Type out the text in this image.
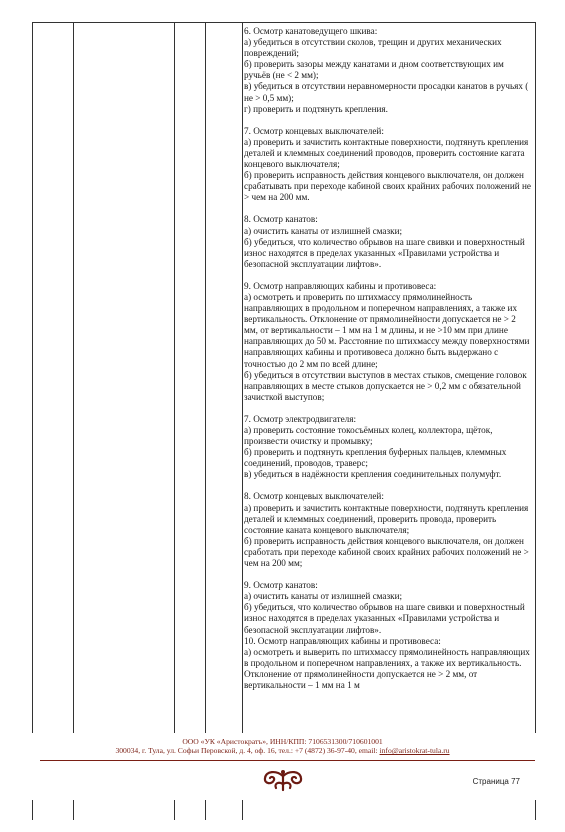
6. Осмотр канатоведущего шкива:
а) убедиться в отсутствии сколов, трещин и других механических повреждений;
б) проверить зазоры между канатами и дном соответствующих им ручьёв (не < 2 мм);
в) убедиться в отсутствии неравномерности просадки канатов в ручьях ( не > 0,5 мм);
г) проверить и подтянуть крепления.
7. Осмотр концевых выключателей:
а) проверить и зачистить контактные поверхности, подтянуть крепления деталей и клеммных соединений проводов, проверить состояние кагата концевого выключателя;
б) проверить исправность действия концевого выключателя, он должен срабатывать при переходе кабиной своих крайних рабочих положений не > чем на 200 мм.
8. Осмотр канатов:
а) очистить канаты от излишней смазки;
б) убедиться, что количество обрывов на шаге свивки и поверхностный износ находятся в пределах указанных «Правилами устройства и безопасной эксплуатации лифтов».
9. Осмотр направляющих кабины и противовеса:
а) осмотреть и проверить по штихмассу прямолинейность направляющих в продольном и поперечном направлениях, а также их вертикальность. Отклонение от прямолинейности допускается не > 2 мм, от вертикальности – 1 мм на 1 м длины, и не >10 мм при длине направляющих до 50 м. Расстояние по штихмассу между поверхностями направляющих кабины и противовеса должно быть выдержано с точностью до 2 мм по всей длине;
б) убедиться в отсутствии выступов в местах стыков, смещение головок направляющих в месте стыков допускается не > 0,2 мм с обязательной зачисткой выступов;
7. Осмотр электродвигателя:
а) проверить состояние токосъёмных колец, коллектора, щёток, произвести очистку и промывку;
б) проверить и подтянуть крепления буферных пальцев, клеммных соединений, проводов, траверс;
в) убедиться в надёжности крепления соединительных полумуфт.
8. Осмотр концевых выключателей:
а) проверить и зачистить контактные поверхности, подтянуть крепления деталей и клеммных соединений, проверить провода, проверить состояние каната концевого выключателя;
б) проверить исправность действия концевого выключателя, он должен сработать при переходе кабиной своих крайних рабочих положений не > чем на 200 мм;
9. Осмотр канатов:
а) очистить канаты от излишней смазки;
б) убедиться, что количество обрывов на шаге свивки и поверхностный износ находятся в пределах указанных «Правилами устройства и безопасной эксплуатации лифтов».
10. Осмотр направляющих кабины и противовеса:
а) осмотреть и выверить по штихмассу прямолинейность направляющих в продольном и поперечном направлениях, а также их вертикальность. Отклонение от прямолинейности допускается не > 2 мм, от вертикальности – 1 мм на 1 м
ООО «УК «Аристократъ», ИНН/КПП: 7106531300/710601001
300034, г. Тула, ул. Софьи Перовской, д. 4, оф. 16, тел.: +7 (4872) 36-97-40, email: info@aristokrat-tula.ru
Страница 77
